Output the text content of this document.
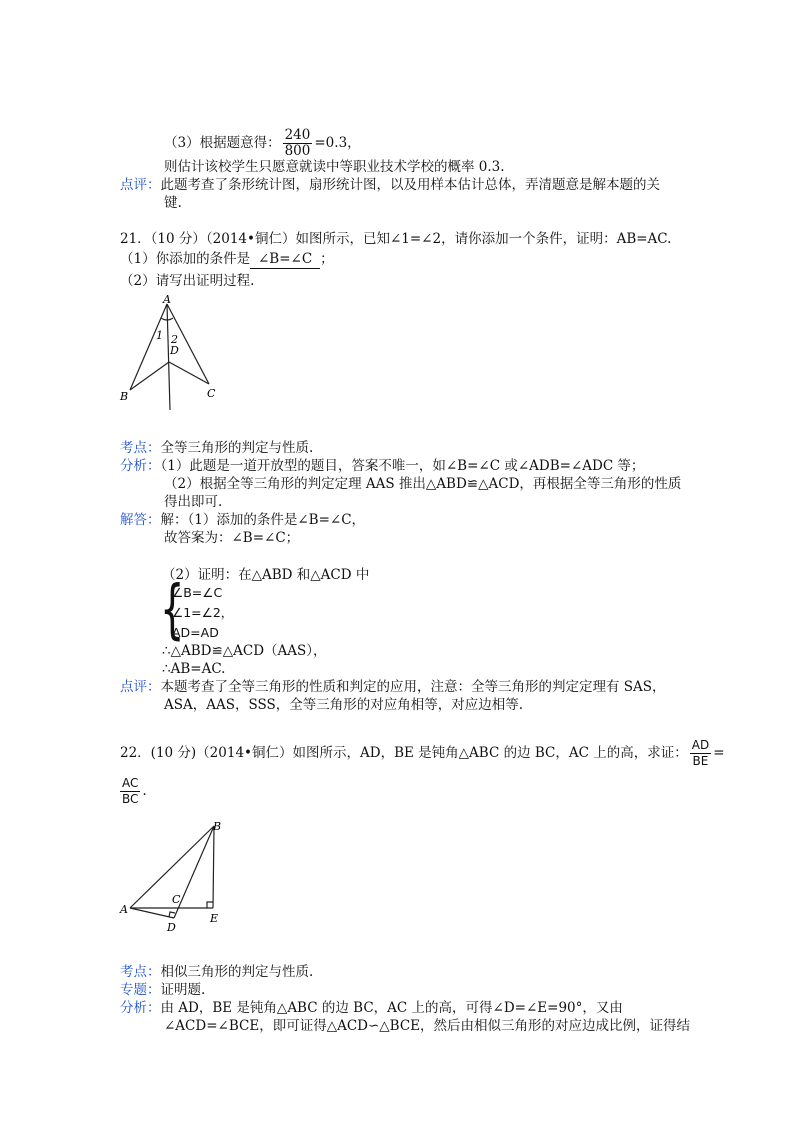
（3）根据题意得： $\frac{240}{800} =0.3$，
则估计该校学生只愿意就读中等职业技术学校的概率 0.3.
点评：此题考查了条形统计图，扇形统计图，以及用样本估计总体，弄清题意是解本题的关
键.
21．（10 分）（2014•铜仁）如图所示，已知∠1=∠2，请你添加一个条件，证明：AB=AC.
（1）你添加的条件是 ∠B=∠C ；
（2）请写出证明过程.
A
B	C
D
1 2
考点：全等三角形的判定与性质.
分析：（1）此题是一道开放型的题目，答案不唯一，如∠B=∠C 或∠ADB=∠ADC 等；
（2）根据全等三角形的判定定理 AAS 推出△ABD≌△ACD，再根据全等三角形的性质
得出即可.
解答：解：（1）添加的条件是∠B=∠C，
故答案为：∠B=∠C；
（2）证明：在△ABD 和△ACD 中
{
∠B=∠C
∠1=∠2，
AD=AD
∴△ABD≌△ACD（AAS），
∴AB=AC.
点评：本题考查了全等三角形的性质和判定的应用，注意：全等三角形的判定定理有 SAS，
ASA，AAS，SSS，全等三角形的对应角相等，对应边相等.
22．(10 分)（2014•铜仁）如图所示，AD，BE 是钝角△ABC 的边 BC，AC 上的高，求证： $\frac{AD}{BE}$ =
$\frac{AC}{BC}$ .
B
A
C
D
E
考点：相似三角形的判定与性质.
专题：证明题.
分析：由 AD，BE 是钝角△ABC 的边 BC，AC 上的高，可得∠D=∠E=90°，又由
∠ACD=∠BCE，即可证得△ACD∽△BCE，然后由相似三角形的对应边成比例，证得结
